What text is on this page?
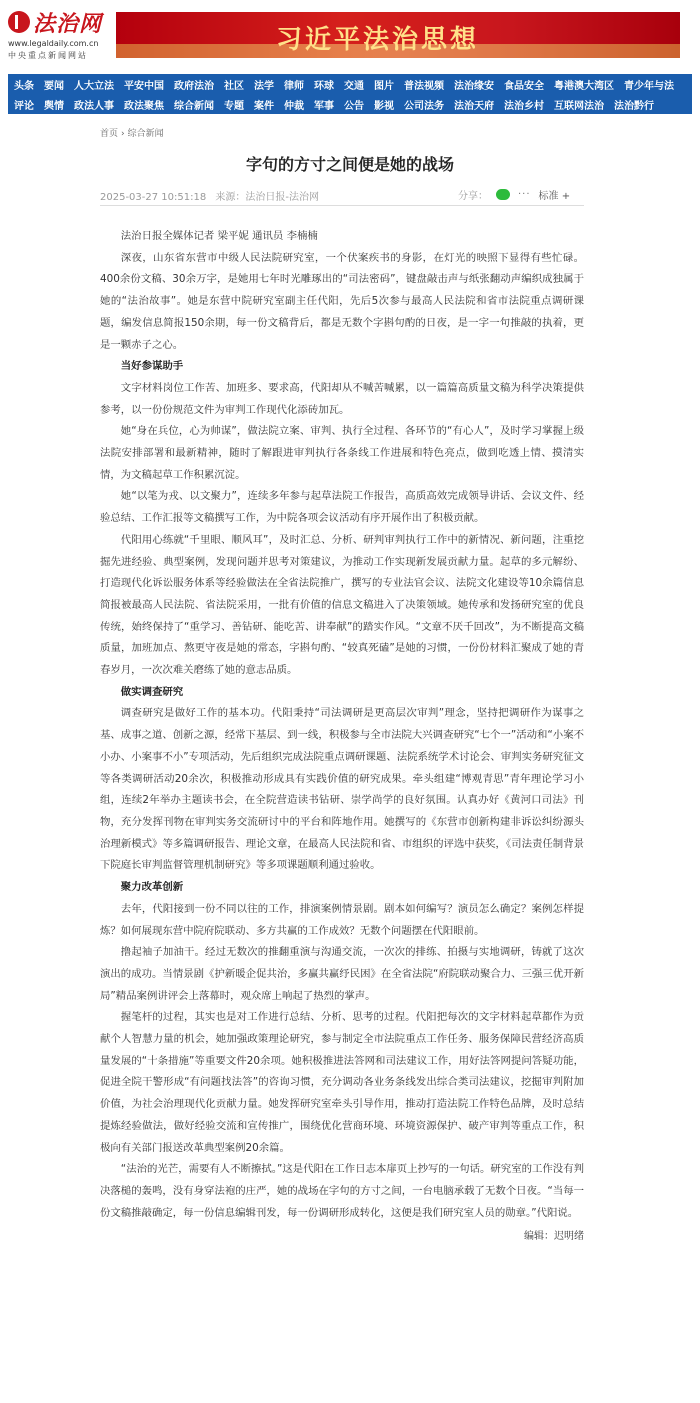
法治网
www.legaldaily.com.cn
中央重点新闻网站
习近平法治思想
头条 要闻 人大立法 平安中国 政府法治 社区 法学 律师 环球 交通 图片 普法视频 法治缘安 食品安全 粤港澳大湾区 青少年与法
评论 舆情 政法人事 政法聚焦 综合新闻 专题 案件 仲裁 军事 公告 影视 公司法务 法治天府 法治乡村 互联网法治 法治黔行
首页 › 综合新闻
字句的方寸之间便是她的战场
2025-03-27 10:51:18 来源：法治日报-法治网	分享：	··· 标准 +

法治日报全媒体记者 梁平妮 通讯员 李楠楠

深夜，山东省东营市中级人民法院研究室，一个伏案疾书的身影，在灯光的映照下显得有些忙碌。400余份文稿、30余万字，是她用七年时光雕琢出的“司法密码”，键盘敲击声与纸张翻动声编织成独属于她的“法治故事”。她是东营中院研究室副主任代阳，先后5次参与最高人民法院和省市法院重点调研课题，编发信息简报150余期，每一份文稿背后，都是无数个字斟句酌的日夜，是一字一句推敲的执着，更是一颗赤子之心。

当好参谋助手

文字材料岗位工作苦、加班多、要求高，代阳却从不喊苦喊累，以一篇篇高质量文稿为科学决策提供参考，以一份份规范文件为审判工作现代化添砖加瓦。

她“身在兵位，心为帅谋”，做法院立案、审判、执行全过程、各环节的“有心人”，及时学习掌握上级法院安排部署和最新精神，随时了解跟进审判执行各条线工作进展和特色亮点，做到吃透上情、摸清实情，为文稿起草工作积累沉淀。

她“以笔为戎、以文聚力”，连续多年参与起草法院工作报告，高质高效完成领导讲话、会议文件、经验总结、工作汇报等文稿撰写工作，为中院各项会议活动有序开展作出了积极贡献。

代阳用心练就“千里眼、顺风耳”，及时汇总、分析、研判审判执行工作中的新情况、新问题，注重挖掘先进经验、典型案例，发现问题并思考对策建议，为推动工作实现新发展贡献力量。起草的多元解纷、打造现代化诉讼服务体系等经验做法在全省法院推广，撰写的专业法官会议、法院文化建设等10余篇信息简报被最高人民法院、省法院采用，一批有价值的信息文稿进入了决策领域。她传承和发扬研究室的优良传统，始终保持了“重学习、善钻研、能吃苦、讲奉献”的踏实作风。“文章不厌千回改”，为不断提高文稿质量，加班加点、熬更守夜是她的常态，字斟句酌、“较真死磕”是她的习惯，一份份材料汇聚成了她的青春岁月，一次次难关磨练了她的意志品质。

做实调查研究

调查研究是做好工作的基本功。代阳秉持“司法调研是更高层次审判”理念，坚持把调研作为谋事之基、成事之道、创新之源，经常下基层、到一线，积极参与全市法院大兴调查研究“七个一”活动和“小案不小办、小案事不小”专项活动，先后组织完成法院重点调研课题、法院系统学术讨论会、审判实务研究征文等各类调研活动20余次，积极推动形成具有实践价值的研究成果。牵头组建“博观青思”青年理论学习小组，连续2年举办主题读书会，在全院营造读书钻研、崇学尚学的良好氛围。认真办好《黄河口司法》刊物，充分发挥刊物在审判实务交流研讨中的平台和阵地作用。她撰写的《东营市创新构建非诉讼纠纷源头治理新模式》等多篇调研报告、理论文章，在最高人民法院和省、市组织的评选中获奖，《司法责任制背景下院庭长审判监督管理机制研究》等多项课题顺利通过验收。

聚力改革创新

去年，代阳接到一份不同以往的工作，排演案例情景剧。剧本如何编写？演员怎么确定？案例怎样提炼？如何展现东营中院府院联动、多方共赢的工作成效？无数个问题摆在代阳眼前。

撸起袖子加油干。经过无数次的推翻重演与沟通交流，一次次的排练、拍摄与实地调研，铸就了这次演出的成功。当情景剧《护新暖企促共治，多赢共赢纾民困》在全省法院“府院联动聚合力、三强三优开新局”精品案例讲评会上落幕时，观众席上响起了热烈的掌声。

握笔杆的过程，其实也是对工作进行总结、分析、思考的过程。代阳把每次的文字材料起草都作为贡献个人智慧力量的机会，她加强政策理论研究，参与制定全市法院重点工作任务、服务保障民营经济高质量发展的“十条措施”等重要文件20余项。她积极推进法答网和司法建议工作，用好法答网提问答疑功能，促进全院干警形成“有问题找法答”的咨询习惯，充分调动各业务条线发出综合类司法建议，挖掘审判附加价值，为社会治理现代化贡献力量。她发挥研究室牵头引导作用，推动打造法院工作特色品牌，及时总结提炼经验做法，做好经验交流和宣传推广，围绕优化营商环境、环境资源保护、破产审判等重点工作，积极向有关部门报送改革典型案例20余篇。

“法治的光芒，需要有人不断擦拭。”这是代阳在工作日志本扉页上抄写的一句话。研究室的工作没有判决落槌的轰鸣，没有身穿法袍的庄严，她的战场在字句的方寸之间，一台电脑承载了无数个日夜。“当每一份文稿推敲确定，每一份信息编辑刊发，每一份调研形成转化，这便是我们研究室人员的勋章。”代阳说。

编辑：迟明绪
